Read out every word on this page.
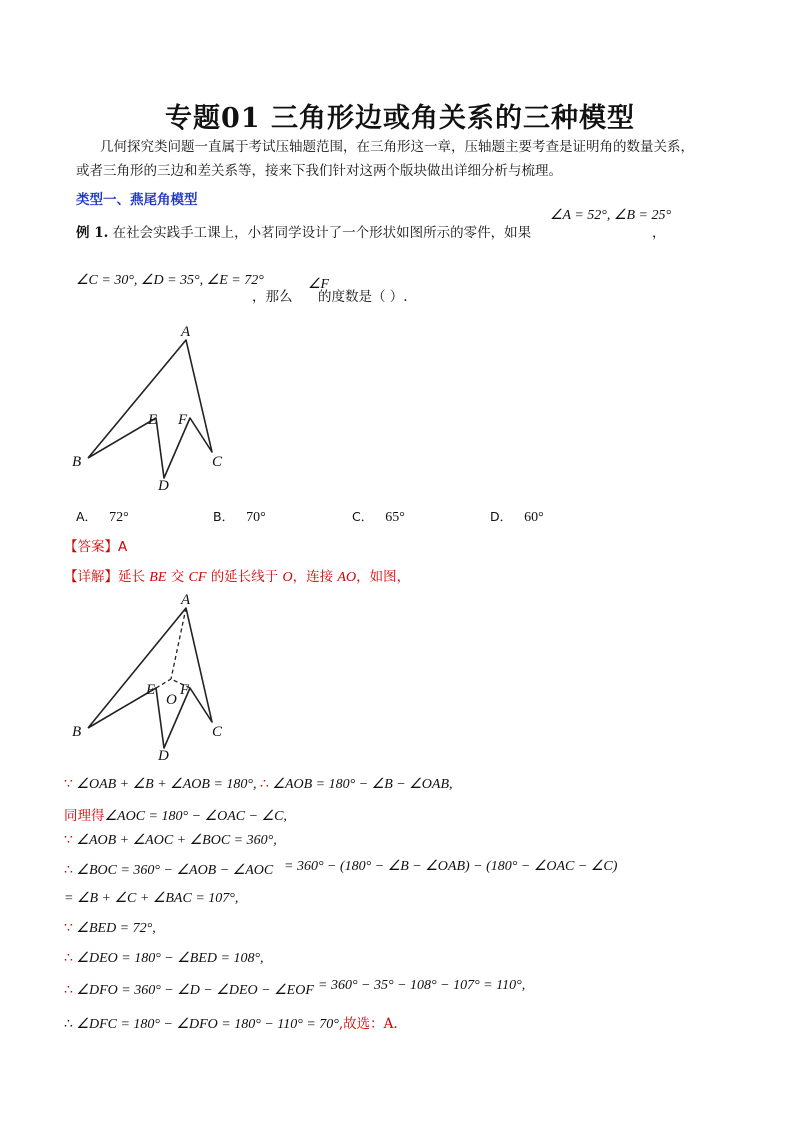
专题01 三角形边或角关系的三种模型
几何探究类问题一直属于考试压轴题范围，在三角形这一章，压轴题主要考查是证明角的数量关系，
或者三角形的三边和差关系等，接来下我们针对这两个版块做出详细分析与梳理。
类型一、燕尾角模型
例 1. 在社会实践手工课上，小茗同学设计了一个形状如图所示的零件，如果
∠A = 52°, ∠B = 25°
，
∠C = 30°, ∠D = 35°, ∠E = 72°
，那么
∠F
的度数是（ ）.
A
B	C
D
E F
A． 72°	B． 70°	C． 65°	D． 60°
【答案】A
【详解】延长 BE 交 CF 的延长线于 O，连接 AO，如图，
A
B	C
D
E
O
F
∵ ∠OAB + ∠B + ∠AOB = 180°, ∴ ∠AOB = 180° − ∠B − ∠OAB,
同理得∠AOC = 180° − ∠OAC − ∠C,
∵ ∠AOB + ∠AOC + ∠BOC = 360°,
∴ ∠BOC = 360° − ∠AOB − ∠AOC = 360° − (180° − ∠B − ∠OAB) − (180° − ∠OAC − ∠C)
= ∠B + ∠C + ∠BAC = 107°,
∵ ∠BED = 72°,
∴ ∠DEO = 180° − ∠BED = 108°,
∴ ∠DFO = 360° − ∠D − ∠DEO − ∠EOF = 360° − 35° − 108° − 107° = 110°,
∴ ∠DFC = 180° − ∠DFO = 180° − 110° = 70°,故选：A.
